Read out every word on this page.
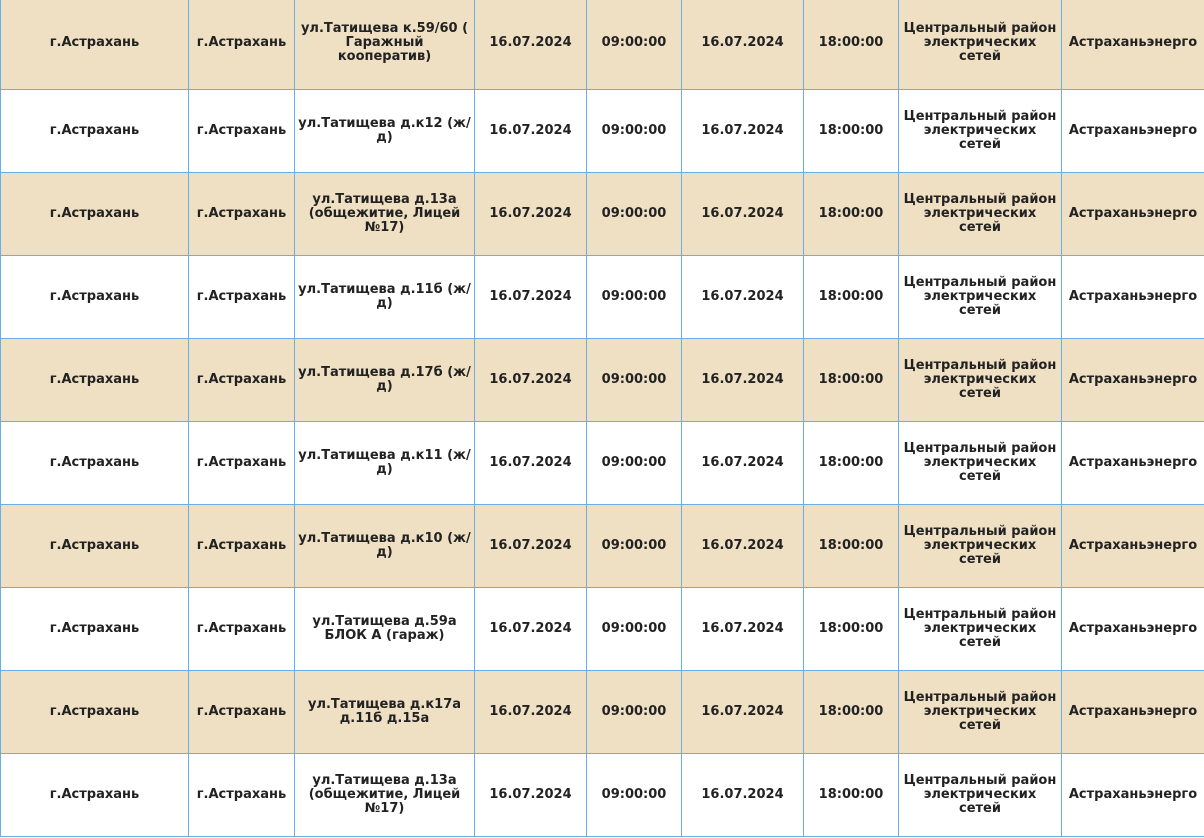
г.Астрахань	г.Астрахань	ул.Татищева к.59/60 ( Гаражный кооператив)	16.07.2024	09:00:00	16.07.2024	18:00:00	Центральный район электрических сетей	Астраханьэнерго
г.Астрахань	г.Астрахань	ул.Татищева д.к12 (ж/д)	16.07.2024	09:00:00	16.07.2024	18:00:00	Центральный район электрических сетей	Астраханьэнерго
г.Астрахань	г.Астрахань	ул.Татищева д.13а (общежитие, Лицей №17)	16.07.2024	09:00:00	16.07.2024	18:00:00	Центральный район электрических сетей	Астраханьэнерго
г.Астрахань	г.Астрахань	ул.Татищева д.11б (ж/д)	16.07.2024	09:00:00	16.07.2024	18:00:00	Центральный район электрических сетей	Астраханьэнерго
г.Астрахань	г.Астрахань	ул.Татищева д.17б (ж/д)	16.07.2024	09:00:00	16.07.2024	18:00:00	Центральный район электрических сетей	Астраханьэнерго
г.Астрахань	г.Астрахань	ул.Татищева д.к11 (ж/д)	16.07.2024	09:00:00	16.07.2024	18:00:00	Центральный район электрических сетей	Астраханьэнерго
г.Астрахань	г.Астрахань	ул.Татищева д.к10 (ж/д)	16.07.2024	09:00:00	16.07.2024	18:00:00	Центральный район электрических сетей	Астраханьэнерго
г.Астрахань	г.Астрахань	ул.Татищева д.59а БЛОК А (гараж)	16.07.2024	09:00:00	16.07.2024	18:00:00	Центральный район электрических сетей	Астраханьэнерго
г.Астрахань	г.Астрахань	ул.Татищева д.к17а д.11б д.15а	16.07.2024	09:00:00	16.07.2024	18:00:00	Центральный район электрических сетей	Астраханьэнерго
г.Астрахань	г.Астрахань	ул.Татищева д.13а (общежитие, Лицей №17)	16.07.2024	09:00:00	16.07.2024	18:00:00	Центральный район электрических сетей	Астраханьэнерго
